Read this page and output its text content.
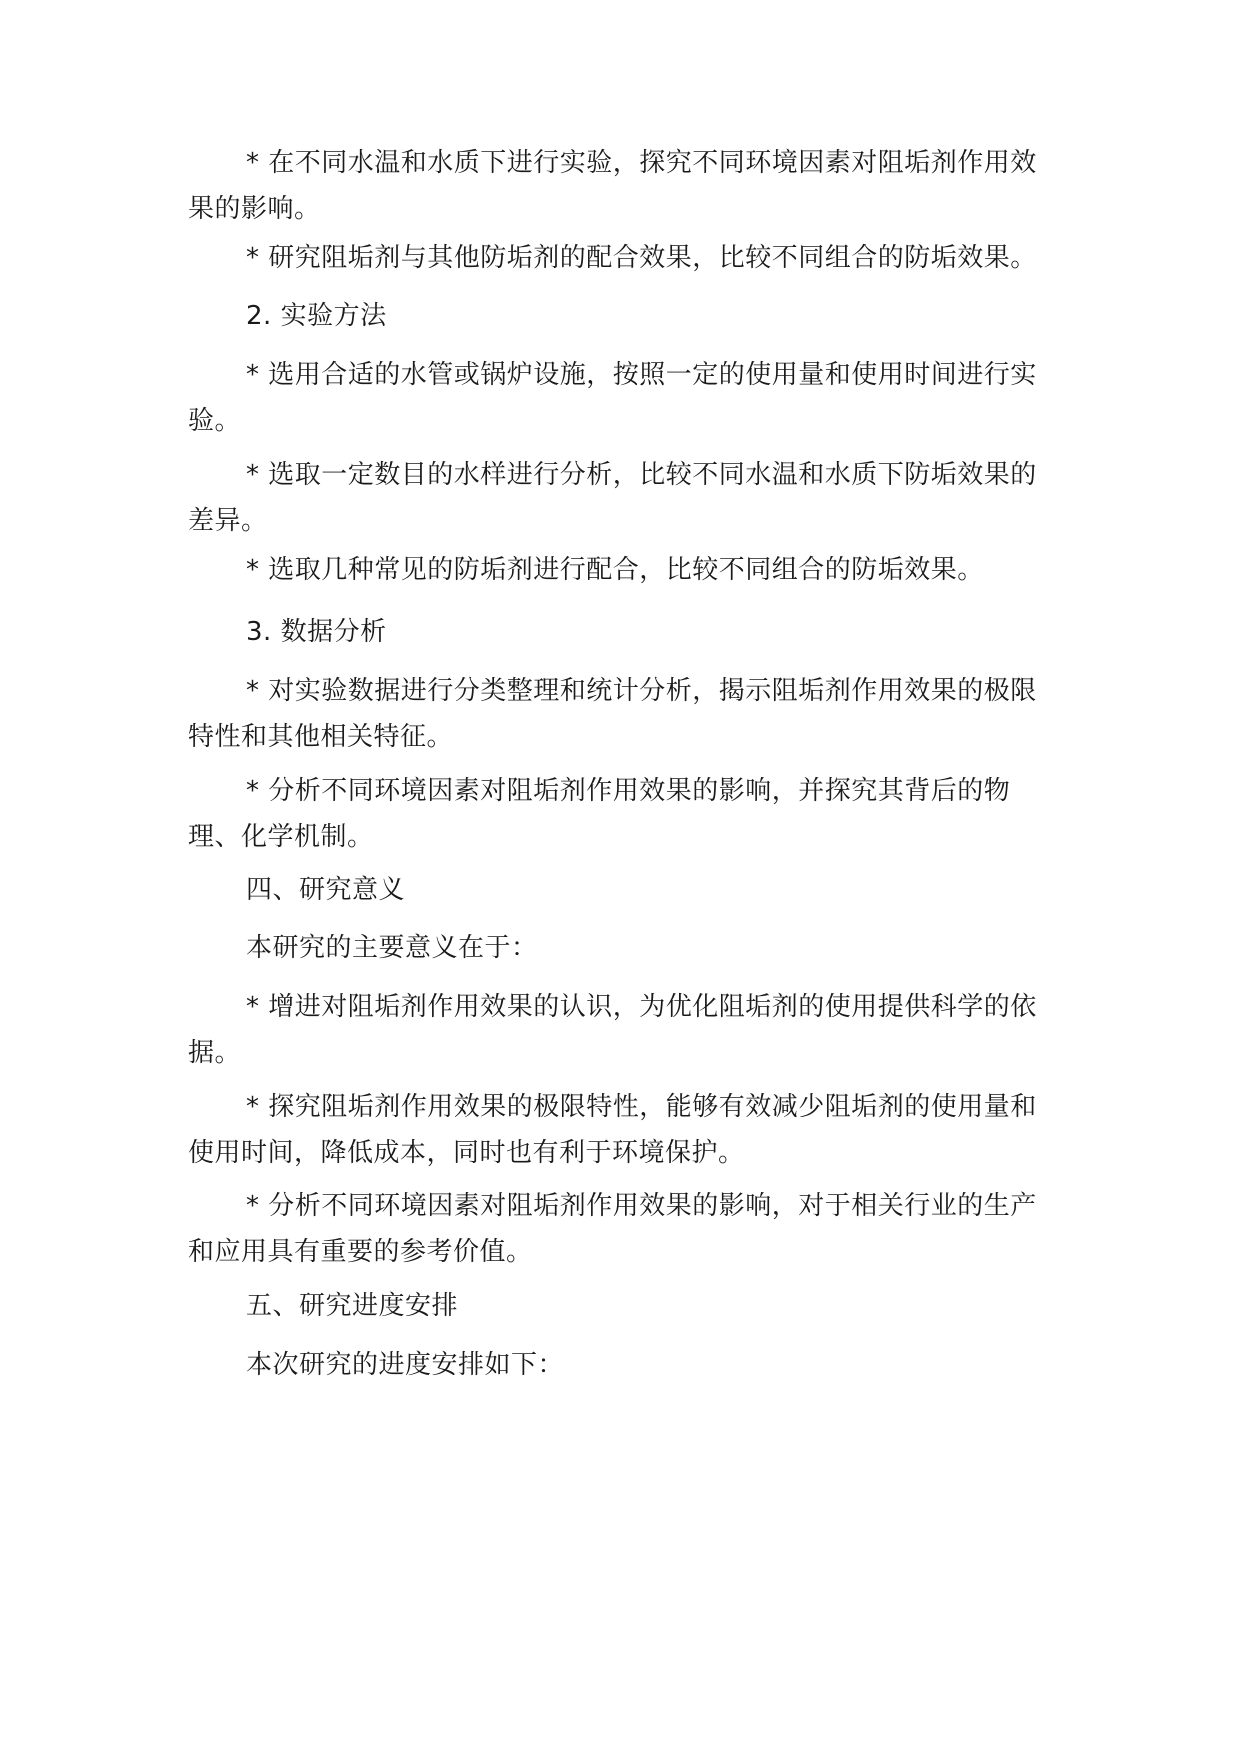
* 在不同水温和水质下进行实验，探究不同环境因素对阻垢剂作用效果的影响。

* 研究阻垢剂与其他防垢剂的配合效果，比较不同组合的防垢效果。

2. 实验方法

* 选用合适的水管或锅炉设施，按照一定的使用量和使用时间进行实验。

* 选取一定数目的水样进行分析，比较不同水温和水质下防垢效果的差异。

* 选取几种常见的防垢剂进行配合，比较不同组合的防垢效果。

3. 数据分析

* 对实验数据进行分类整理和统计分析，揭示阻垢剂作用效果的极限特性和其他相关特征。

* 分析不同环境因素对阻垢剂作用效果的影响，并探究其背后的物理、化学机制。

四、研究意义

本研究的主要意义在于：

* 增进对阻垢剂作用效果的认识，为优化阻垢剂的使用提供科学的依据。

* 探究阻垢剂作用效果的极限特性，能够有效减少阻垢剂的使用量和使用时间，降低成本，同时也有利于环境保护。

* 分析不同环境因素对阻垢剂作用效果的影响，对于相关行业的生产和应用具有重要的参考价值。

五、研究进度安排

本次研究的进度安排如下：
